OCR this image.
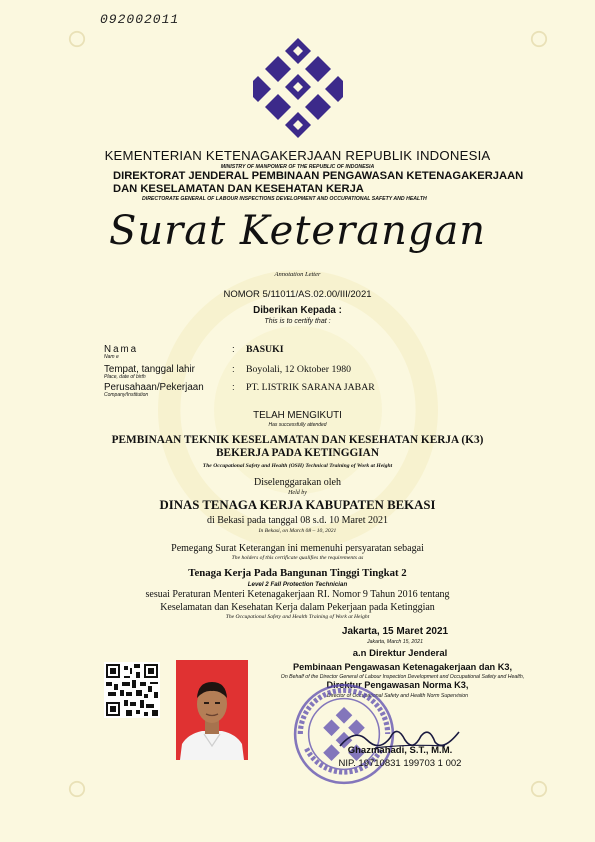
092002011
KEMENTERIAN KETENAGAKERJAAN REPUBLIK INDONESIA
MINISTRY OF MANPOWER OF THE REPUBLIC OF INDONESIA
DIREKTORAT JENDERAL PEMBINAAN PENGAWASAN KETENAGAKERJAAN DAN KESELAMATAN DAN KESEHATAN KERJA
DIRECTORATE GENERAL OF LABOUR INSPECTIONS DEVELOPMENT AND OCCUPATIONAL SAFETY AND HEALTH
Surat Keterangan
Annotation Letter
NOMOR 5/11011/AS.02.00/III/2021
Diberikan Kepada :
This is to certify that :
Nama
Nam e
: BASUKI
Tempat, tanggal lahir
Place, date of birth
: Boyolali, 12 Oktober 1980
Perusahaan/Pekerjaan
Company/Institution
: PT. LISTRIK SARANA JABAR
TELAH MENGIKUTI
Has successfully attended
PEMBINAAN TEKNIK KESELAMATAN DAN KESEHATAN KERJA (K3)
BEKERJA PADA KETINGGIAN
The Occupational Safety and Health (OSH) Technical Training of Work at Height
Diselenggarakan oleh
Held by
DINAS TENAGA KERJA KABUPATEN BEKASI
di Bekasi pada tanggal 08 s.d. 10 Maret 2021
In Bekasi, on March 08 – 10, 2021
Pemegang Surat Keterangan ini memenuhi persyaratan sebagai
The holders of this certificate qualifies the requirements as
Tenaga Kerja Pada Bangunan Tinggi Tingkat 2
Level 2 Fall Protection Technician
sesuai Peraturan Menteri Ketenagakerjaan RI. Nomor 9 Tahun 2016 tentang
Keselamatan dan Kesehatan Kerja dalam Pekerjaan pada Ketinggian
The Occupational Safety and Health Training of Work at Height
Jakarta, 15 Maret 2021
Jakarta, March 15, 2021
a.n Direktur Jenderal
Pembinaan Pengawasan Ketenagakerjaan dan K3,
On Behalf of the Director General of Labour Inspection Development and Occupational Safety and Health,
Direktur Pengawasan Norma K3,
Director of Occupational Safety and Health Norm Supervision
Ghazmahadi, S.T., M.M.
NIP. 19710831 199703 1 002
